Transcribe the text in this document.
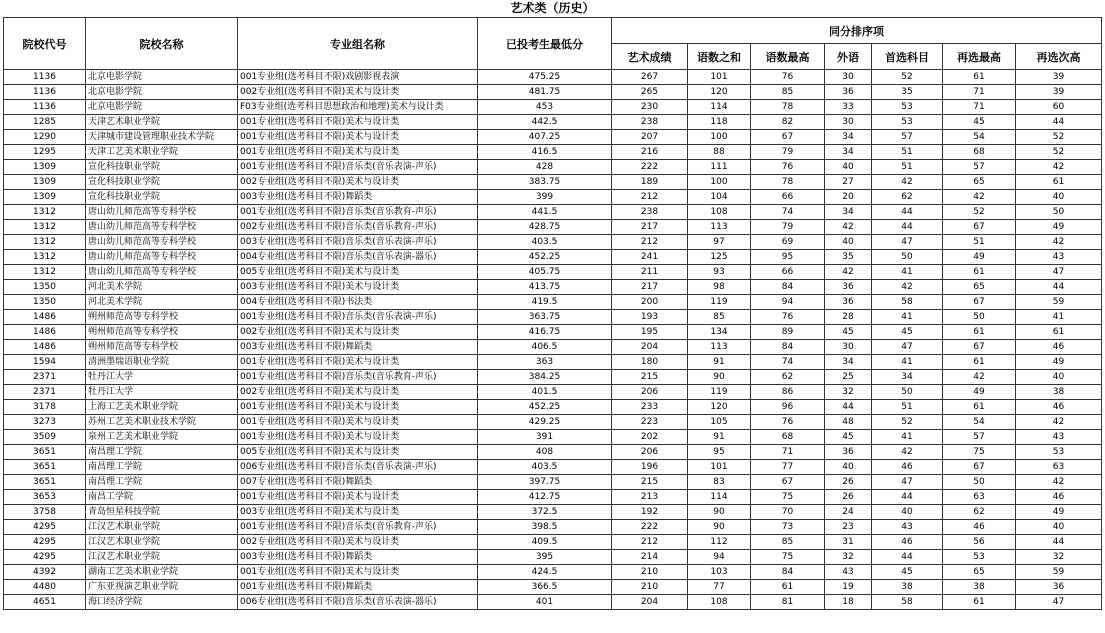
艺术类（历史）
院校代号	院校名称	专业组名称	已投考生最低分	同分排序项						
				艺术成绩	语数之和	语数最高	外语	首选科目	再选最高	再选次高
1136	北京电影学院	001专业组(选考科目不限)戏剧影视表演	475.25	267	101	76	30	52	61	39
1136	北京电影学院	002专业组(选考科目不限)美术与设计类	481.75	265	120	85	36	35	71	39
1136	北京电影学院	F03专业组(选考科目思想政治和地理)美术与设计类	453	230	114	78	33	53	71	60
1285	天津艺术职业学院	001专业组(选考科目不限)美术与设计类	442.5	238	118	82	30	53	45	44
1290	天津城市建设管理职业技术学院	001专业组(选考科目不限)美术与设计类	407.25	207	100	67	34	57	54	52
1295	天津工艺美术职业学院	001专业组(选考科目不限)美术与设计类	416.5	216	88	79	34	51	68	52
1309	宣化科技职业学院	001专业组(选考科目不限)音乐类(音乐表演-声乐)	428	222	111	76	40	51	57	42
1309	宣化科技职业学院	002专业组(选考科目不限)美术与设计类	383.75	189	100	78	27	42	65	61
1309	宣化科技职业学院	003专业组(选考科目不限)舞蹈类	399	212	104	66	20	62	42	40
1312	唐山幼儿师范高等专科学校	001专业组(选考科目不限)音乐类(音乐教育-声乐)	441.5	238	108	74	34	44	52	50
1312	唐山幼儿师范高等专科学校	002专业组(选考科目不限)音乐类(音乐教育-声乐)	428.75	217	113	79	42	44	67	49
1312	唐山幼儿师范高等专科学校	003专业组(选考科目不限)音乐类(音乐表演-声乐)	403.5	212	97	69	40	47	51	42
1312	唐山幼儿师范高等专科学校	004专业组(选考科目不限)音乐类(音乐表演-器乐)	452.25	241	125	95	35	50	49	43
1312	唐山幼儿师范高等专科学校	005专业组(选考科目不限)美术与设计类	405.75	211	93	66	42	41	61	47
1350	河北美术学院	003专业组(选考科目不限)美术与设计类	413.75	217	98	84	36	42	65	44
1350	河北美术学院	004专业组(选考科目不限)书法类	419.5	200	119	94	36	58	67	59
1486	朔州师范高等专科学校	001专业组(选考科目不限)音乐类(音乐表演-声乐)	363.75	193	85	76	28	41	50	41
1486	朔州师范高等专科学校	002专业组(选考科目不限)美术与设计类	416.75	195	134	89	45	45	61	61
1486	朔州师范高等专科学校	003专业组(选考科目不限)舞蹈类	406.5	204	113	84	30	47	67	46
1594	清洲墨瑞语职业学院	001专业组(选考科目不限)美术与设计类	363	180	91	74	34	41	61	49
2371	牡丹江大学	001专业组(选考科目不限)音乐类(音乐教育-声乐)	384.25	215	90	62	25	34	42	40
2371	牡丹江大学	002专业组(选考科目不限)美术与设计类	401.5	206	119	86	32	50	49	38
3178	上海工艺美术职业学院	001专业组(选考科目不限)美术与设计类	452.25	233	120	96	44	51	61	46
3273	苏州工艺美术职业技术学院	001专业组(选考科目不限)美术与设计类	429.25	223	105	76	48	52	54	42
3509	泉州工艺美术职业学院	001专业组(选考科目不限)美术与设计类	391	202	91	68	45	41	57	43
3651	南昌理工学院	005专业组(选考科目不限)美术与设计类	408	206	95	71	36	42	75	53
3651	南昌理工学院	006专业组(选考科目不限)音乐类(音乐表演-声乐)	403.5	196	101	77	40	46	67	63
3651	南昌理工学院	007专业组(选考科目不限)舞蹈类	397.75	215	83	67	26	47	50	42
3653	南昌工学院	001专业组(选考科目不限)美术与设计类	412.75	213	114	75	26	44	63	46
3758	青岛恒星科技学院	003专业组(选考科目不限)美术与设计类	372.5	192	90	70	24	40	62	49
4295	江汉艺术职业学院	001专业组(选考科目不限)音乐类(音乐教育-声乐)	398.5	222	90	73	23	43	46	40
4295	江汉艺术职业学院	002专业组(选考科目不限)美术与设计类	409.5	212	112	85	31	46	56	44
4295	江汉艺术职业学院	003专业组(选考科目不限)舞蹈类	395	214	94	75	32	44	53	32
4392	湖南工艺美术职业学院	001专业组(选考科目不限)美术与设计类	424.5	210	103	84	43	45	65	59
4480	广东亚视演艺职业学院	001专业组(选考科目不限)舞蹈类	366.5	210	77	61	19	38	38	36
4651	海口经济学院	006专业组(选考科目不限)音乐类(音乐表演-器乐)	401	204	108	81	18	58	61	47
